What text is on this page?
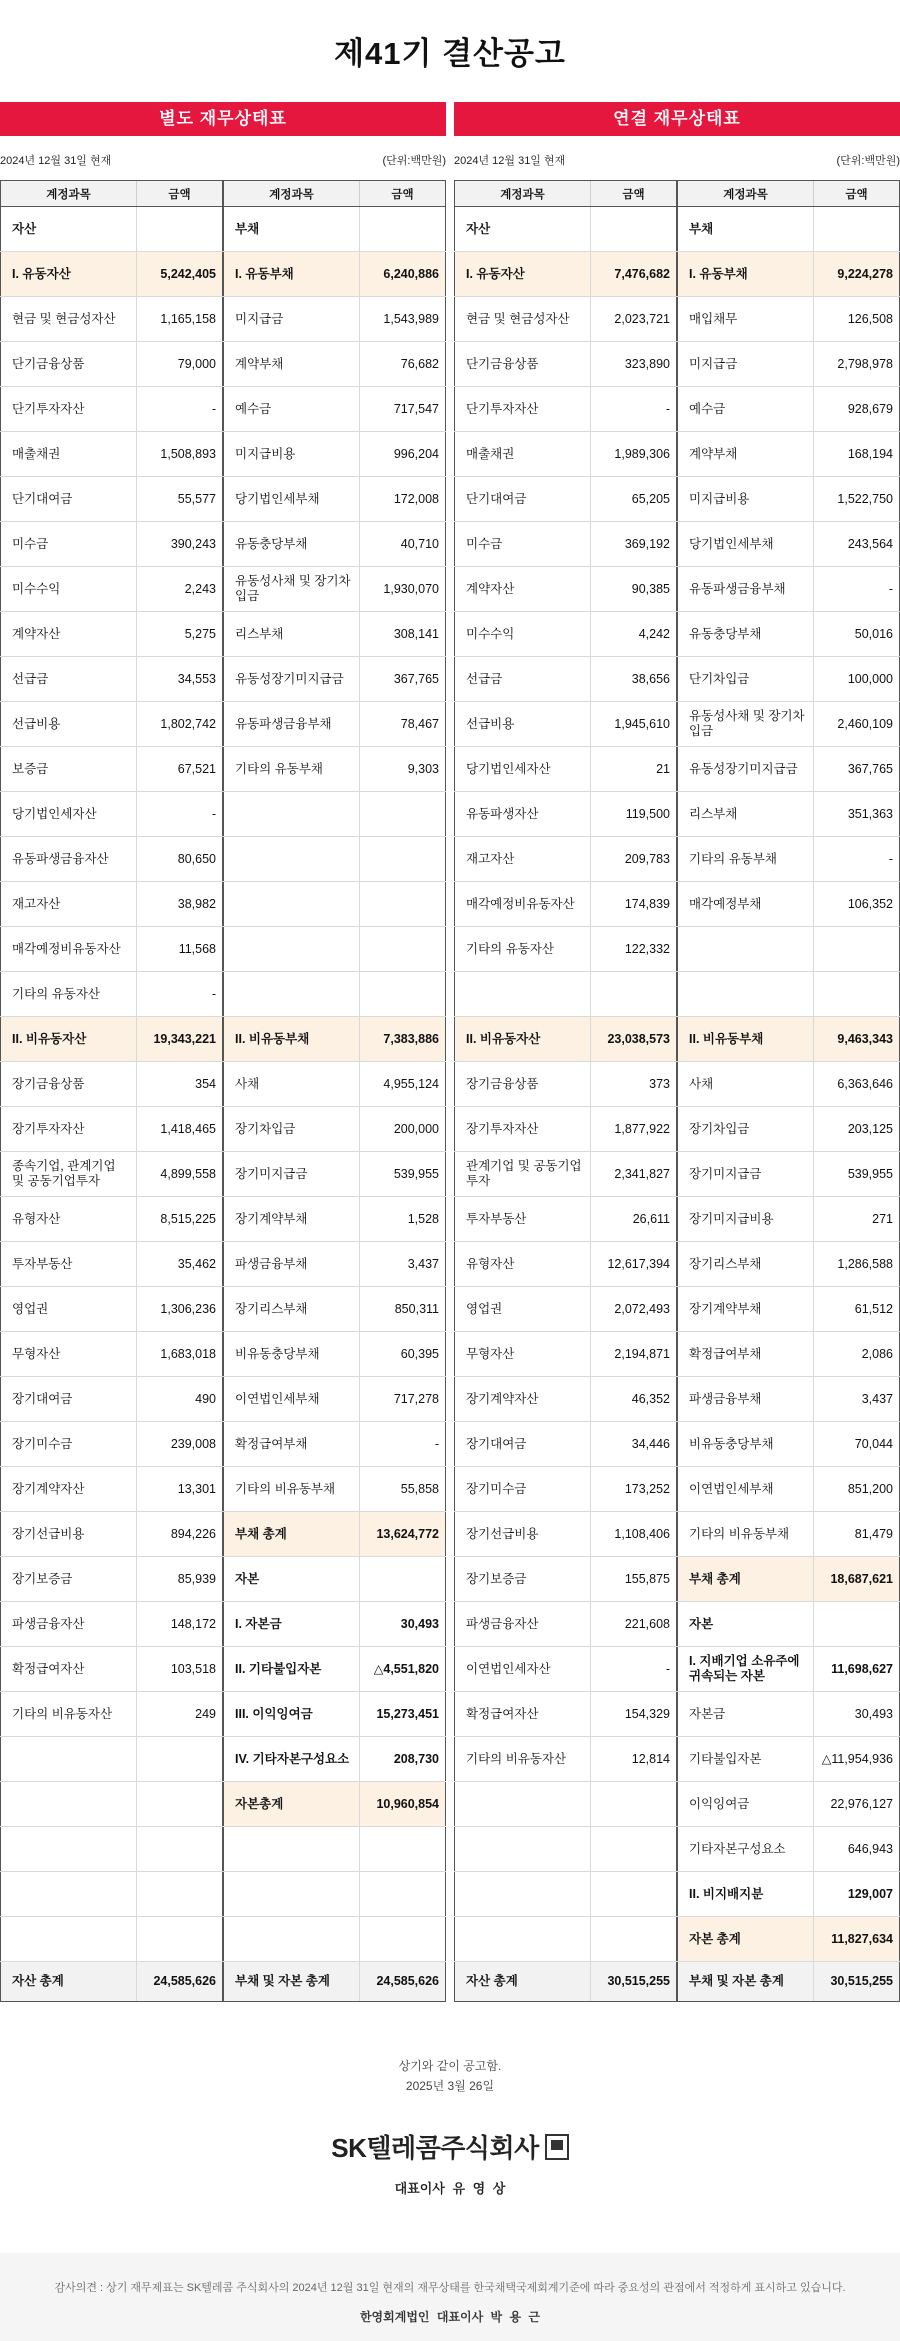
제41기 결산공고
별도 재무상태표
2024년 12월 31일 현재	(단위:백만원)
계정과목	금액
자산	
I. 유동자산	5,242,405
현금 및 현금성자산	1,165,158
단기금융상품	79,000
단기투자자산	-
매출채권	1,508,893
단기대여금	55,577
미수금	390,243
미수수익	2,243
계약자산	5,275
선급금	34,553
선급비용	1,802,742
보증금	67,521
당기법인세자산	-
유동파생금융자산	80,650
재고자산	38,982
매각예정비유동자산	11,568
기타의 유동자산	-
II. 비유동자산	19,343,221
장기금융상품	354
장기투자자산	1,418,465
종속기업, 관계기업 및 공동기업투자	4,899,558
유형자산	8,515,225
투자부동산	35,462
영업권	1,306,236
무형자산	1,683,018
장기대여금	490
장기미수금	239,008
장기계약자산	13,301
장기선급비용	894,226
장기보증금	85,939
파생금융자산	148,172
확정급여자산	103,518
기타의 비유동자산	249

자산 총계	24,585,626
계정과목	금액
부채	
I. 유동부채	6,240,886
미지급금	1,543,989
계약부채	76,682
예수금	717,547
미지급비용	996,204
당기법인세부채	172,008
유동충당부채	40,710
유동성사채 및 장기차입금	1,930,070
리스부채	308,141
유동성장기미지급금	367,765
유동파생금융부채	78,467
기타의 유동부채	9,303

II. 비유동부채	7,383,886
사채	4,955,124
장기차입금	200,000
장기미지급금	539,955
장기계약부채	1,528
파생금융부채	3,437
장기리스부채	850,311
비유동충당부채	60,395
이연법인세부채	717,278
확정급여부채	-
기타의 비유동부채	55,858
부채 총계	13,624,772
자본	
I. 자본금	30,493
II. 기타불입자본	△4,551,820
III. 이익잉여금	15,273,451
IV. 기타자본구성요소	208,730
자본총계	10,960,854

부채 및 자본 총계	24,585,626
연결 재무상태표
2024년 12월 31일 현재	(단위:백만원)
계정과목	금액
자산	
I. 유동자산	7,476,682
현금 및 현금성자산	2,023,721
단기금융상품	323,890
단기투자자산	-
매출채권	1,989,306
단기대여금	65,205
미수금	369,192
계약자산	90,385
미수수익	4,242
선급금	38,656
선급비용	1,945,610
당기법인세자산	21
유동파생자산	119,500
재고자산	209,783
매각예정비유동자산	174,839
기타의 유동자산	122,332

II. 비유동자산	23,038,573
장기금융상품	373
장기투자자산	1,877,922
관계기업 및 공동기업투자	2,341,827
투자부동산	26,611
유형자산	12,617,394
영업권	2,072,493
무형자산	2,194,871
장기계약자산	46,352
장기대여금	34,446
장기미수금	173,252
장기선급비용	1,108,406
장기보증금	155,875
파생금융자산	221,608
이연법인세자산	-
확정급여자산	154,329
기타의 비유동자산	12,814

자산 총계	30,515,255
계정과목	금액
부채	
I. 유동부채	9,224,278
매입채무	126,508
미지급금	2,798,978
예수금	928,679
계약부채	168,194
미지급비용	1,522,750
당기법인세부채	243,564
유동파생금융부채	-
유동충당부채	50,016
단기차입금	100,000
유동성사채 및 장기차입금	2,460,109
유동성장기미지급금	367,765
리스부채	351,363
기타의 유동부채	-
매각예정부채	106,352

II. 비유동부채	9,463,343
사채	6,363,646
장기차입금	203,125
장기미지급금	539,955
장기미지급비용	271
장기리스부채	1,286,588
장기계약부채	61,512
확정급여부채	2,086
파생금융부채	3,437
비유동충당부채	70,044
이연법인세부채	851,200
기타의 비유동부채	81,479
부채 총계	18,687,621
자본	
I. 지배기업 소유주에 귀속되는 자본	11,698,627
자본금	30,493
기타불입자본	△11,954,936
이익잉여금	22,976,127
기타자본구성요소	646,943
II. 비지배지분	129,007
자본 총계	11,827,634
부채 및 자본 총계	30,515,255
상기와 같이 공고함.
2025년 3월 26일
SK텔레콤주식회사
대표이사 유 영 상
감사의견 : 상기 재무제표는 SK텔레콤 주식회사의 2024년 12월 31일 현재의 재무상태를 한국채택국제회계기준에 따라 중요성의 관점에서 적정하게 표시하고 있습니다.
한영회계법인 대표이사 박 용 근
